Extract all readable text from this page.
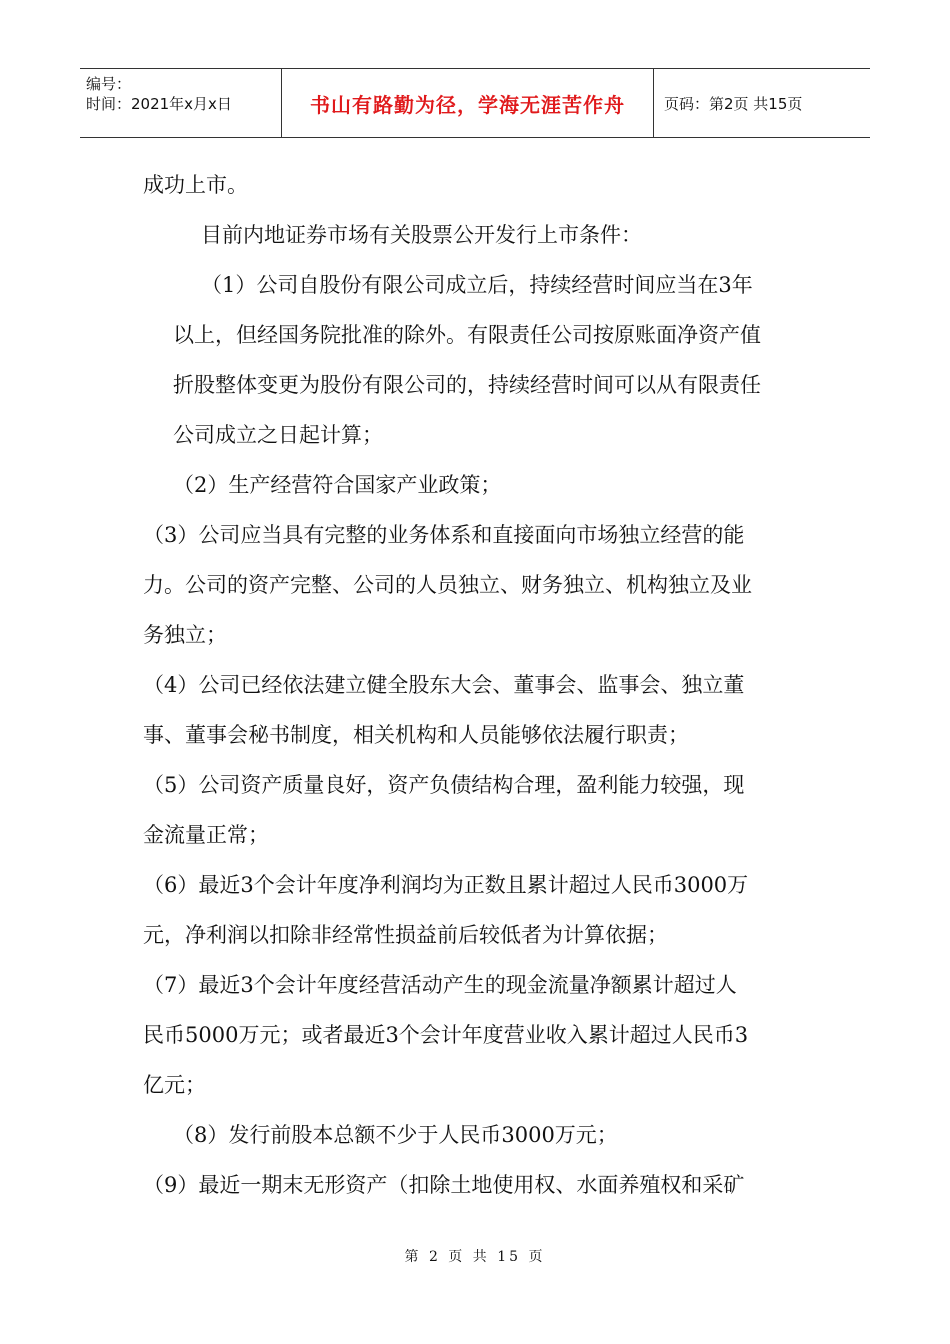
编号：
时间：2021年x月x日	书山有路勤为径，学海无涯苦作舟	页码：第2页 共15页
成功上市。
目前内地证券市场有关股票公开发行上市条件：
（1）公司自股份有限公司成立后，持续经营时间应当在3年
以上，但经国务院批准的除外。有限责任公司按原账面净资产值
折股整体变更为股份有限公司的，持续经营时间可以从有限责任
公司成立之日起计算；
（2）生产经营符合国家产业政策；
（3）公司应当具有完整的业务体系和直接面向市场独立经营的能
力。公司的资产完整、公司的人员独立、财务独立、机构独立及业
务独立；
（4）公司已经依法建立健全股东大会、董事会、监事会、独立董
事、董事会秘书制度，相关机构和人员能够依法履行职责；
（5）公司资产质量良好，资产负债结构合理，盈利能力较强，现
金流量正常；
（6）最近3个会计年度净利润均为正数且累计超过人民币3000万
元，净利润以扣除非经常性损益前后较低者为计算依据；
（7）最近3个会计年度经营活动产生的现金流量净额累计超过人
民币5000万元；或者最近3个会计年度营业收入累计超过人民币3
亿元；
（8）发行前股本总额不少于人民币3000万元；
（9）最近一期末无形资产（扣除土地使用权、水面养殖权和采矿
第 2 页 共 15 页
